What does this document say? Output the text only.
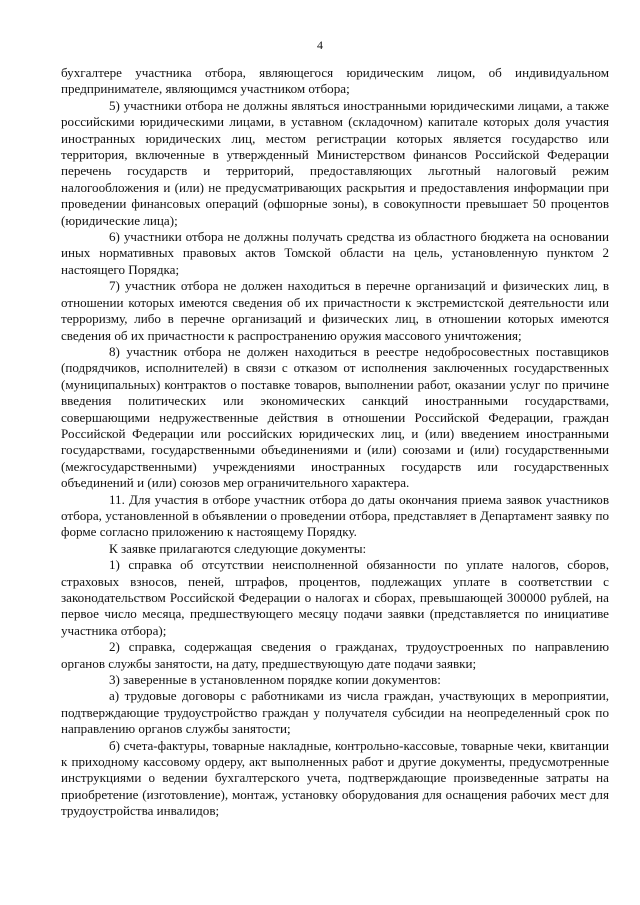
4

бухгалтере участника отбора, являющегося юридическим лицом, об индивидуальном предпринимателе, являющимся участником отбора;

5) участники отбора не должны являться иностранными юридическими лицами, а также российскими юридическими лицами, в уставном (складочном) капитале которых доля участия иностранных юридических лиц, местом регистрации которых является государство или территория, включенные в утвержденный Министерством финансов Российской Федерации перечень государств и территорий, предоставляющих льготный налоговый режим налогообложения и (или) не предусматривающих раскрытия и предоставления информации при проведении финансовых операций (офшорные зоны), в совокупности превышает 50 процентов (юридические лица);

6) участники отбора не должны получать средства из областного бюджета на основании иных нормативных правовых актов Томской области на цель, установленную пунктом 2 настоящего Порядка;

7) участник отбора не должен находиться в перечне организаций и физических лиц, в отношении которых имеются сведения об их причастности к экстремистской деятельности или терроризму, либо в перечне организаций и физических лиц, в отношении которых имеются сведения об их причастности к распространению оружия массового уничтожения;

8) участник отбора не должен находиться в реестре недобросовестных поставщиков (подрядчиков, исполнителей) в связи с отказом от исполнения заключенных государственных (муниципальных) контрактов о поставке товаров, выполнении работ, оказании услуг по причине введения политических или экономических санкций иностранными государствами, совершающими недружественные действия в отношении Российской Федерации, граждан Российской Федерации или российских юридических лиц, и (или) введением иностранными государствами, государственными объединениями и (или) союзами и (или) государственными (межгосударственными) учреждениями иностранных государств или государственных объединений и (или) союзов мер ограничительного характера.

11. Для участия в отборе участник отбора до даты окончания приема заявок участников отбора, установленной в объявлении о проведении отбора, представляет в Департамент заявку по форме согласно приложению к настоящему Порядку.

К заявке прилагаются следующие документы:

1) справка об отсутствии неисполненной обязанности по уплате налогов, сборов, страховых взносов, пеней, штрафов, процентов, подлежащих уплате в соответствии с законодательством Российской Федерации о налогах и сборах, превышающей 300000 рублей, на первое число месяца, предшествующего месяцу подачи заявки (представляется по инициативе участника отбора);

2) справка, содержащая сведения о гражданах, трудоустроенных по направлению органов службы занятости, на дату, предшествующую дате подачи заявки;

3) заверенные в установленном порядке копии документов:

а) трудовые договоры с работниками из числа граждан, участвующих в мероприятии, подтверждающие трудоустройство граждан у получателя субсидии на неопределенный срок по направлению органов службы занятости;

б) счета-фактуры, товарные накладные, контрольно-кассовые, товарные чеки, квитанции к приходному кассовому ордеру, акт выполненных работ и другие документы, предусмотренные инструкциями о ведении бухгалтерского учета, подтверждающие произведенные затраты на приобретение (изготовление), монтаж, установку оборудования для оснащения рабочих мест для трудоустройства инвалидов;
